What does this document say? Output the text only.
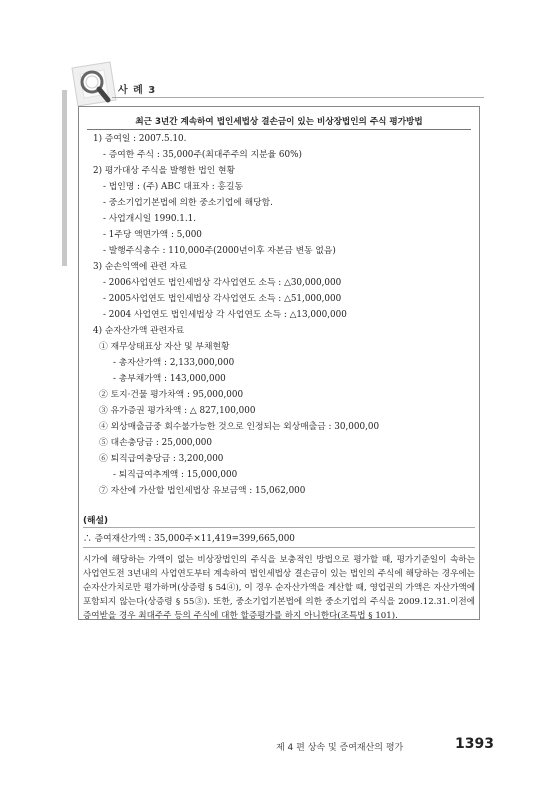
사 례 3
최근 3년간 계속하여 법인세법상 결손금이 있는 비상장법인의 주식 평가방법
1) 증여일 : 2007.5.10.
- 증여한 주식 : 35,000주(최대주주의 지분율 60%)
2) 평가대상 주식을 발행한 법인 현황
- 법인명 : (주) ABC 대표자 : 홍길동
- 중소기업기본법에 의한 중소기업에 해당함.
- 사업개시일 1990.1.1.
- 1주당 액면가액 : 5,000
- 발행주식총수 : 110,000주(2000년이후 자본금 변동 없음)
3) 순손익액에 관련 자료
- 2006사업연도 법인세법상 각사업연도 소득 : △30,000,000
- 2005사업연도 법인세법상 각사업연도 소득 : △51,000,000
- 2004 사업연도 법인세법상 각 사업연도 소득 : △13,000,000
4) 순자산가액 관련자료
① 재무상태표상 자산 및 부채현황
- 총자산가액 : 2,133,000,000
- 총부채가액 : 143,000,000
② 토지·건물 평가차액 : 95,000,000
③ 유가증권 평가차액 : △ 827,100,000
④ 외상매출금중 회수불가능한 것으로 인정되는 외상매출금 : 30,000,00
⑤ 대손충당금 : 25,000,000
⑥ 퇴직급여충당금 : 3,200,000
- 퇴직급여추계액 : 15,000,000
⑦ 자산에 가산할 법인세법상 유보금액 : 15,062,000
(해설)
∴ 증여재산가액 : 35,000주×11,419=399,665,000
시가에 해당하는 가액이 없는 비상장법인의 주식을 보충적인 방법으로 평가할 때, 평가기준일이 속하는 사업연도전 3년내의 사업연도부터 계속하여 법인세법상 결손금이 있는 법인의 주식에 해당하는 경우에는 순자산가치로만 평가하며(상증령 § 54④), 이 경우 순자산가액을 계산할 때, 영업권의 가액은 자산가액에 포함되지 않는다(상증령 § 55③). 또한, 중소기업기본법에 의한 중소기업의 주식을 2009.12.31.이전에 증여받을 경우 최대주주 등의 주식에 대한 할증평가를 하지 아니한다(조특법 § 101).
제 4 편 상속 및 증여재산의 평가	1393
